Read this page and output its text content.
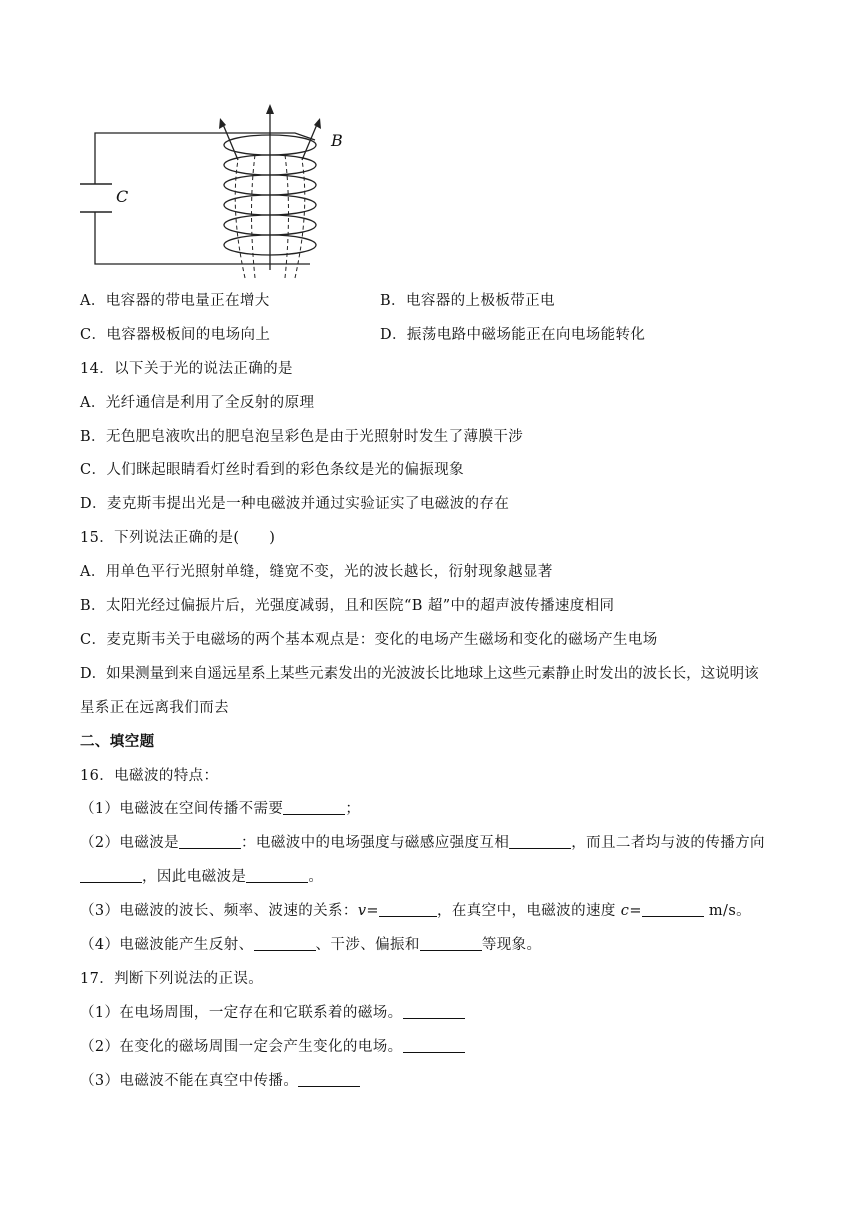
B
C
A．电容器的带电量正在增大	B．电容器的上极板带正电
C．电容器极板间的电场向上	D．振荡电路中磁场能正在向电场能转化
14．以下关于光的说法正确的是
A．光纤通信是利用了全反射的原理
B．无色肥皂液吹出的肥皂泡呈彩色是由于光照射时发生了薄膜干涉
C．人们眯起眼睛看灯丝时看到的彩色条纹是光的偏振现象
D．麦克斯韦提出光是一种电磁波并通过实验证实了电磁波的存在
15．下列说法正确的是(　　)
A．用单色平行光照射单缝，缝宽不变，光的波长越长，衍射现象越显著
B．太阳光经过偏振片后，光强度减弱，且和医院“B 超”中的超声波传播速度相同
C．麦克斯韦关于电磁场的两个基本观点是：变化的电场产生磁场和变化的磁场产生电场
D．如果测量到来自遥远星系上某些元素发出的光波波长比地球上这些元素静止时发出的波长长，这说明该
星系正在远离我们而去
二、填空题
16．电磁波的特点：
（1）电磁波在空间传播不需要	；
（2）电磁波是	：电磁波中的电场强度与磁感应强度互相	，而且二者均与波的传播方向
，因此电磁波是	。
（3）电磁波的波长、频率、波速的关系：v=	，在真空中，电磁波的速度 c=	m/s。
（4）电磁波能产生反射、	、干涉、偏振和	等现象。
17．判断下列说法的正误。
（1）在电场周围，一定存在和它联系着的磁场。
（2）在变化的磁场周围一定会产生变化的电场。
（3）电磁波不能在真空中传播。
